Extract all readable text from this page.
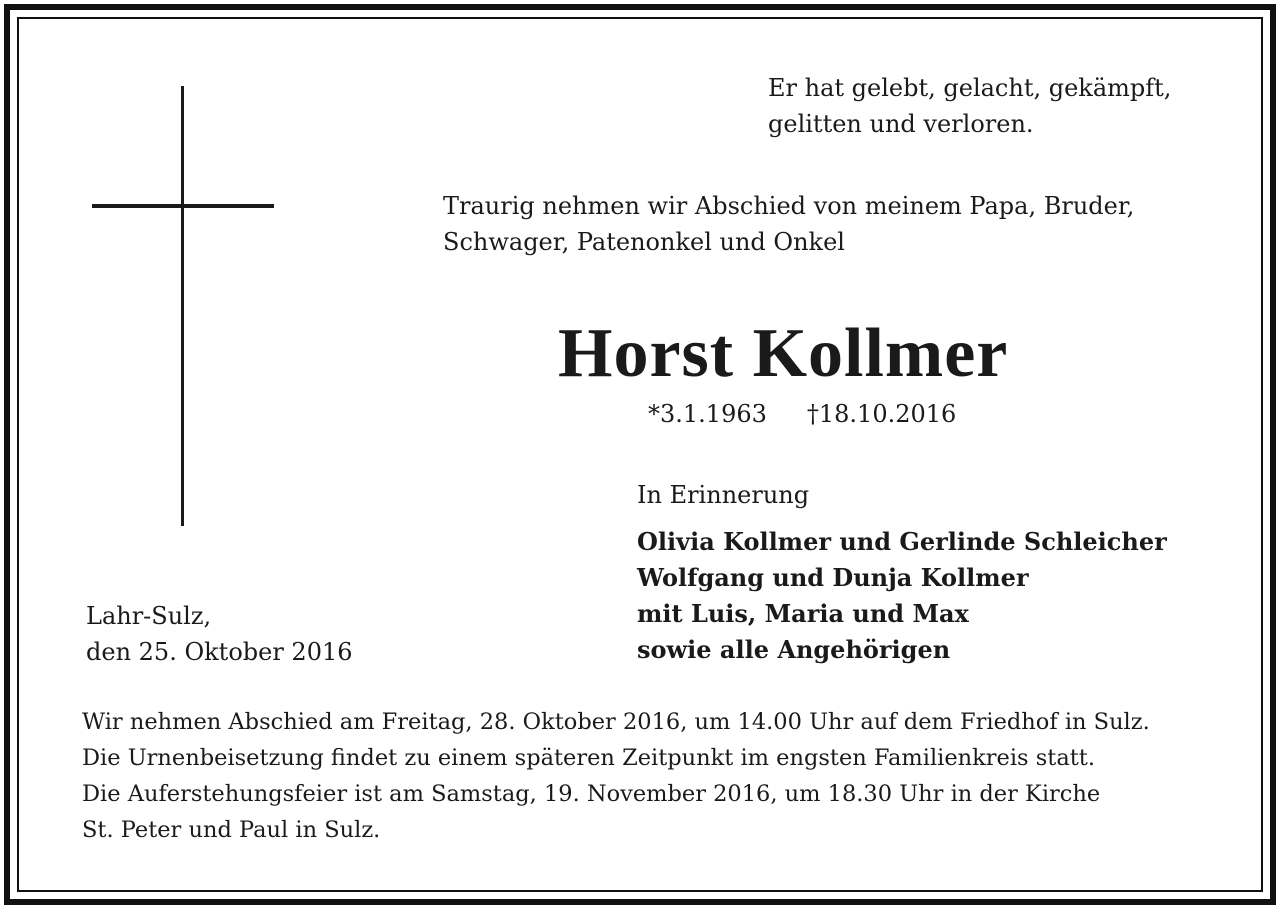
Er hat gelebt, gelacht, gekämpft,
gelitten und verloren.

Traurig nehmen wir Abschied von meinem Papa, Bruder,
Schwager, Patenonkel und Onkel

Horst Kollmer

*3.1.1963 †18.10.2016

In Erinnerung

Olivia Kollmer und Gerlinde Schleicher
Wolfgang und Dunja Kollmer
mit Luis, Maria und Max
sowie alle Angehörigen

Lahr-Sulz,
den 25. Oktober 2016

Wir nehmen Abschied am Freitag, 28. Oktober 2016, um 14.00 Uhr auf dem Friedhof in Sulz.
Die Urnenbeisetzung findet zu einem späteren Zeitpunkt im engsten Familienkreis statt.
Die Auferstehungsfeier ist am Samstag, 19. November 2016, um 18.30 Uhr in der Kirche
St. Peter und Paul in Sulz.
